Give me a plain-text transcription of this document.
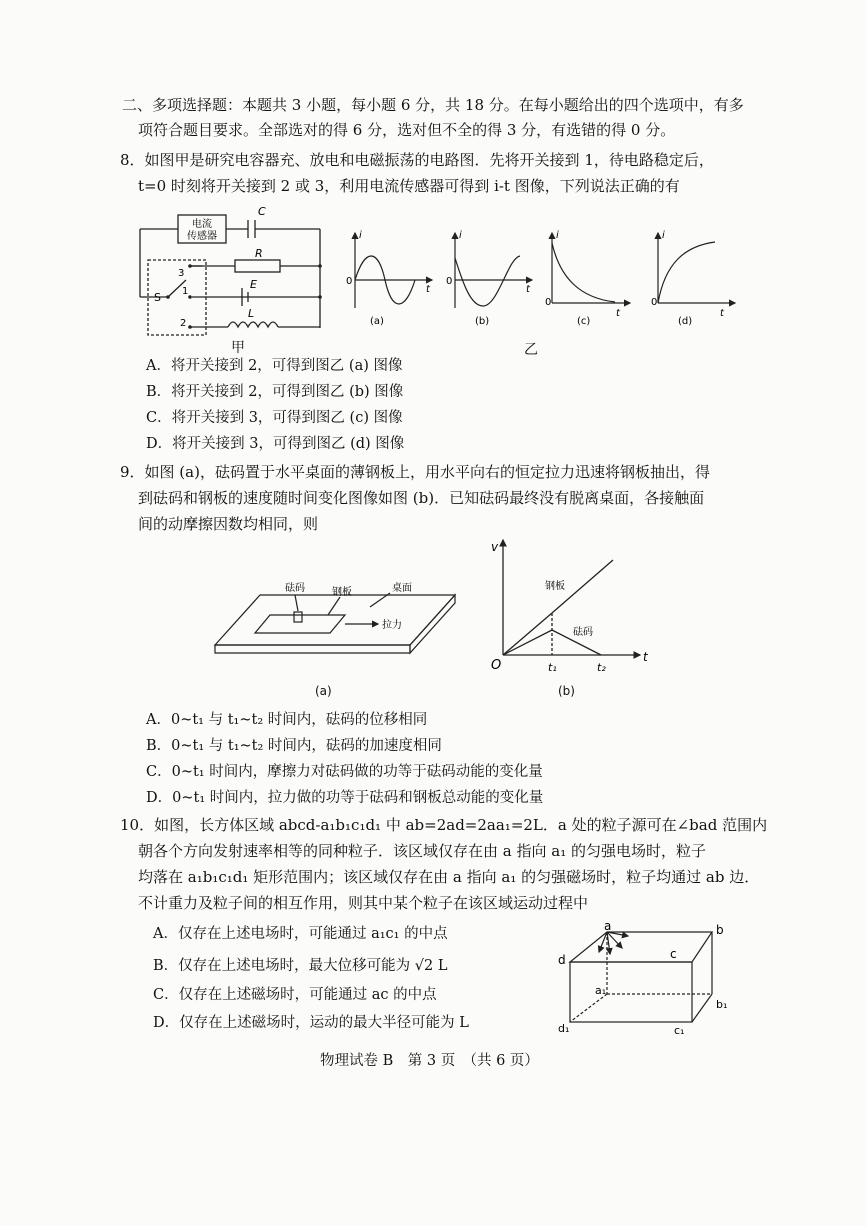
二、多项选择题：本题共 3 小题，每小题 6 分，共 18 分。在每小题给出的四个选项中，有多
项符合题目要求。全部选对的得 6 分，选对但不全的得 3 分，有选错的得 0 分。
8．如图甲是研究电容器充、放电和电磁振荡的电路图．先将开关接到 1，待电路稳定后，
t=0 时刻将开关接到 2 或 3，利用电流传感器可得到 i-t 图像，下列说法正确的有
电流
传感器
C
R
E
L
S
3
1
2
甲
i
0
t
i
0
t
i
0
t
i
0
t
(a)	(b)	(c)	(d)
乙
A．将开关接到 2，可得到图乙 (a) 图像
B．将开关接到 2，可得到图乙 (b) 图像
C．将开关接到 3，可得到图乙 (c) 图像
D．将开关接到 3，可得到图乙 (d) 图像
9．如图 (a)，砝码置于水平桌面的薄钢板上，用水平向右的恒定拉力迅速将钢板抽出，得
到砝码和钢板的速度随时间变化图像如图 (b)．已知砝码最终没有脱离桌面，各接触面
间的动摩擦因数均相同，则
砝码	钢板	桌面
拉力
(a)
v
t
O	t₁	t₂
钢板
砝码
(b)
A．0~t₁ 与 t₁~t₂ 时间内，砝码的位移相同
B．0~t₁ 与 t₁~t₂ 时间内，砝码的加速度相同
C．0~t₁ 时间内，摩擦力对砝码做的功等于砝码动能的变化量
D．0~t₁ 时间内，拉力做的功等于砝码和钢板总动能的变化量
10．如图，长方体区域 abcd-a₁b₁c₁d₁ 中 ab=2ad=2aa₁=2L．a 处的粒子源可在∠bad 范围内
朝各个方向发射速率相等的同种粒子．该区域仅存在由 a 指向 a₁ 的匀强电场时，粒子
均落在 a₁b₁c₁d₁ 矩形范围内；该区域仅存在由 a 指向 a₁ 的匀强磁场时，粒子均通过 ab 边．
不计重力及粒子间的相互作用，则其中某个粒子在该区域运动过程中
A．仅存在上述电场时，可能通过 a₁c₁ 的中点
B．仅存在上述电场时，最大位移可能为 √2 L
C．仅存在上述磁场时，可能通过 ac 的中点
D．仅存在上述磁场时，运动的最大半径可能为 L
a	b
c
d
a₁
b₁
c₁
d₁
物理试卷 B　第 3 页　（共 6 页）
